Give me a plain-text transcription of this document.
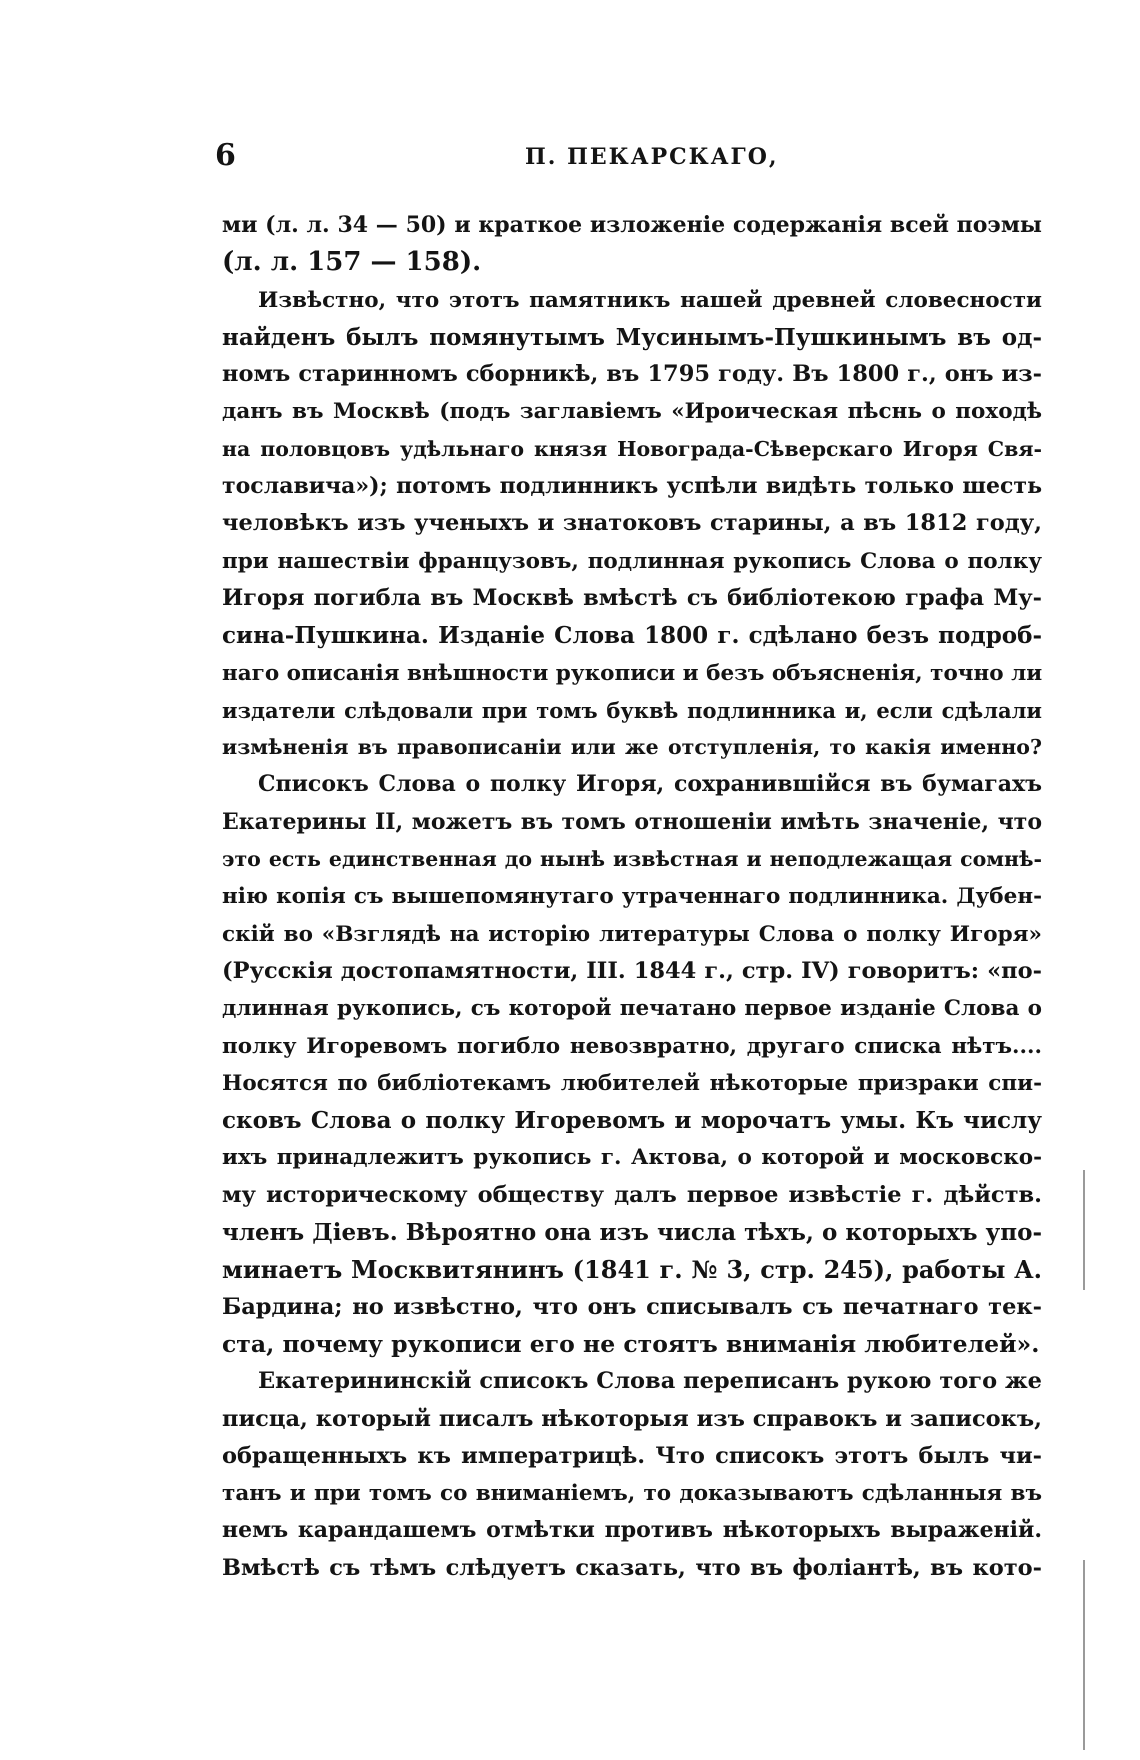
6	П. ПЕКАРСКАГО,
ми (л. л. 34 — 50) и краткое изложеніе содержанія всей поэмы
(л. л. 157 — 158).
Извѣстно, что этотъ памятникъ нашей древней словесности
найденъ былъ помянутымъ Мусинымъ-Пушкинымъ въ од-
номъ старинномъ сборникѣ, въ 1795 году. Въ 1800 г., онъ из-
данъ въ Москвѣ (подъ заглавіемъ «Ироическая пѣснь о походѣ
на половцовъ удѣльнаго князя Новограда-Сѣверскаго Игоря Свя-
тославича»); потомъ подлинникъ успѣли видѣть только шесть
человѣкъ изъ ученыхъ и знатоковъ старины, а въ 1812 году,
при нашествіи французовъ, подлинная рукопись Слова о полку
Игоря погибла въ Москвѣ вмѣстѣ съ библіотекою графа Му-
сина-Пушкина. Изданіе Слова 1800 г. сдѣлано безъ подроб-
наго описанія внѣшности рукописи и безъ объясненія, точно ли
издатели слѣдовали при томъ буквѣ подлинника и, если сдѣлали
измѣненія въ правописаніи или же отступленія, то какія именно?
Списокъ Слова о полку Игоря, сохранившійся въ бумагахъ
Екатерины II, можетъ въ томъ отношеніи имѣть значеніе, что
это есть единственная до нынѣ извѣстная и неподлежащая сомнѣ-
нію копія съ вышепомянутаго утраченнаго подлинника. Дубен-
скій во «Взглядѣ на исторію литературы Слова о полку Игоря»
(Русскія достопамятности, III. 1844 г., стр. IV) говоритъ: «по-
длинная рукопись, съ которой печатано первое изданіе Слова о
полку Игоревомъ погибло невозвратно, другаго списка нѣтъ....
Носятся по библіотекамъ любителей нѣкоторые призраки спи-
сковъ Слова о полку Игоревомъ и морочатъ умы. Къ числу
ихъ принадлежитъ рукопись г. Актова, о которой и московско-
му историческому обществу далъ первое извѣстіе г. дѣйств.
членъ Діевъ. Вѣроятно она изъ числа тѣхъ, о которыхъ упо-
минаетъ Москвитянинъ (1841 г. № 3, стр. 245), работы А.
Бардина; но извѣстно, что онъ списывалъ съ печатнаго тек-
ста, почему рукописи его не стоятъ вниманія любителей».
Екатерининскій списокъ Слова переписанъ рукою того же
писца, который писалъ нѣкоторыя изъ справокъ и записокъ,
обращенныхъ къ императрицѣ. Что списокъ этотъ былъ чи-
танъ и при томъ со вниманіемъ, то доказываютъ сдѣланныя въ
немъ карандашемъ отмѣтки противъ нѣкоторыхъ выраженій.
Вмѣстѣ съ тѣмъ слѣдуетъ сказать, что въ фоліантѣ, въ кото-
